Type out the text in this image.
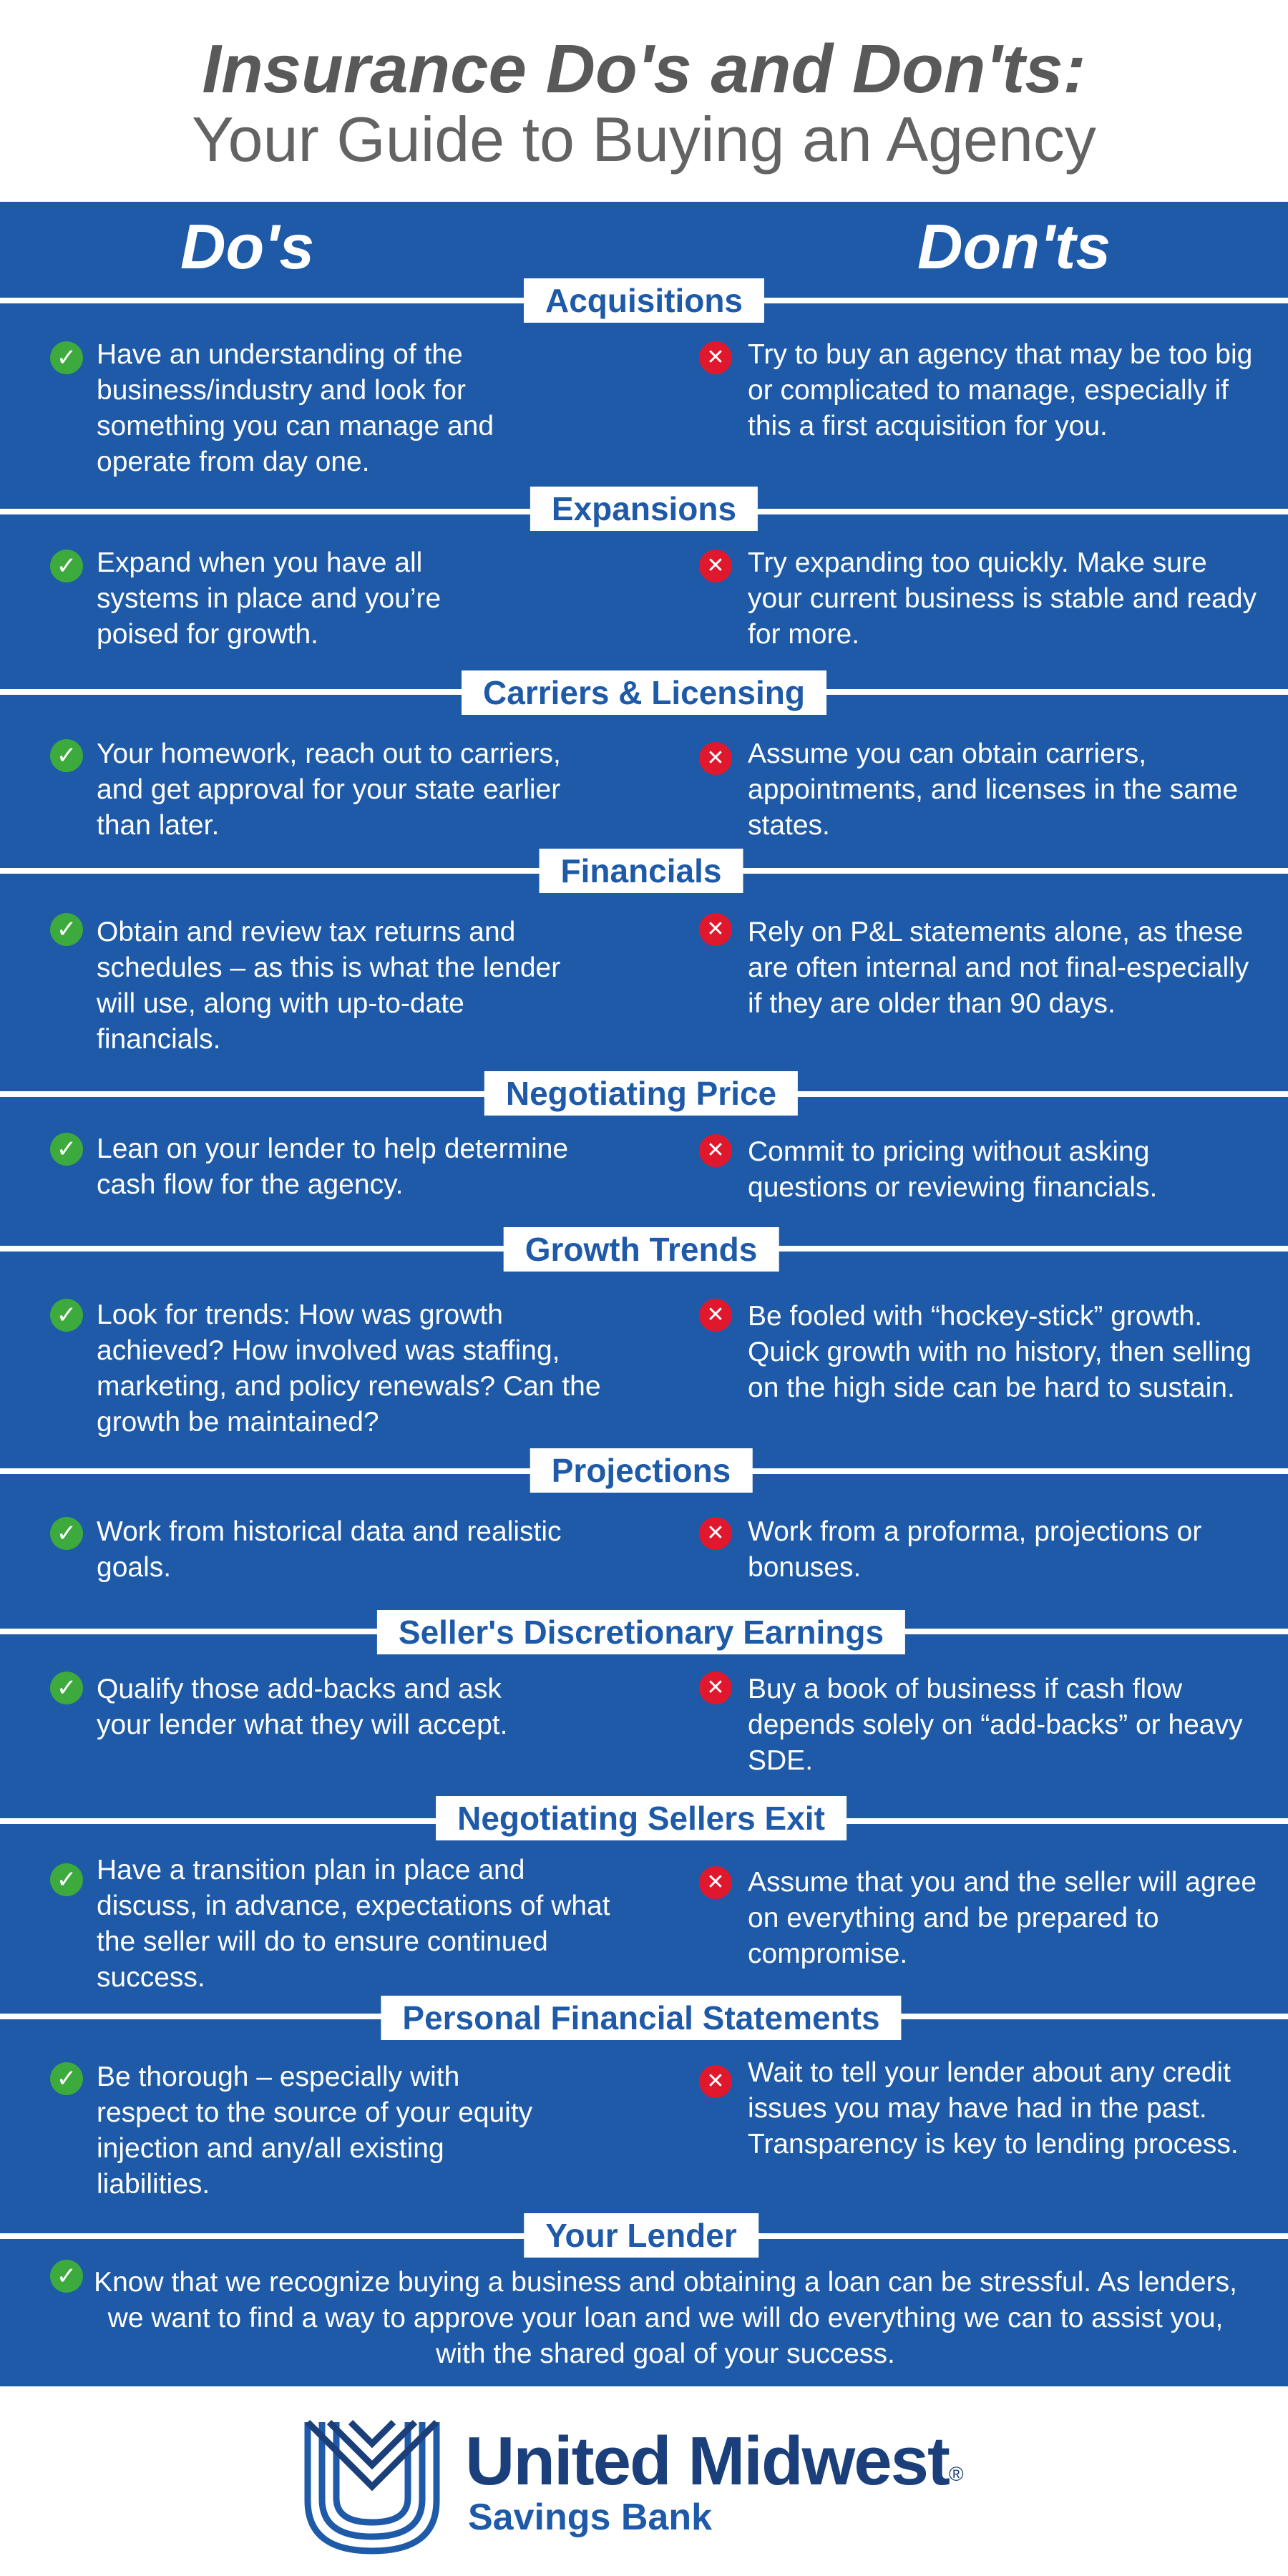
Insurance Do's and Don'ts:
Your Guide to Buying an Agency
Do's	Don'ts
Acquisitions
✓ Have an understanding of the business/industry and look for something you can manage and operate from day one.
✕ Try to buy an agency that may be too big or complicated to manage, especially if this a first acquisition for you.
Expansions
✓ Expand when you have all systems in place and you’re poised for growth.
✕ Try expanding too quickly. Make sure your current business is stable and ready for more.
Carriers & Licensing
✓ Your homework, reach out to carriers, and get approval for your state earlier than later.
✕ Assume you can obtain carriers, appointments, and licenses in the same states.
Financials
✓ Obtain and review tax returns and schedules – as this is what the lender will use, along with up-to-date financials.
✕ Rely on P&L statements alone, as these are often internal and not final-especially if they are older than 90 days.
Negotiating Price
✓ Lean on your lender to help determine cash flow for the agency.
✕ Commit to pricing without asking questions or reviewing financials.
Growth Trends
✓ Look for trends: How was growth achieved? How involved was staffing, marketing, and policy renewals? Can the growth be maintained?
✕ Be fooled with “hockey-stick” growth. Quick growth with no history, then selling on the high side can be hard to sustain.
Projections
✓ Work from historical data and realistic goals.
✕ Work from a proforma, projections or bonuses.
Seller's Discretionary Earnings
✓ Qualify those add-backs and ask your lender what they will accept.
✕ Buy a book of business if cash flow depends solely on “add-backs” or heavy SDE.
Negotiating Sellers Exit
✓ Have a transition plan in place and discuss, in advance, expectations of what the seller will do to ensure continued success.
✕ Assume that you and the seller will agree on everything and be prepared to compromise.
Personal Financial Statements
✓ Be thorough – especially with respect to the source of your equity injection and any/all existing liabilities.
✕ Wait to tell your lender about any credit issues you may have had in the past. Transparency is key to lending process.
Your Lender
✓ Know that we recognize buying a business and obtaining a loan can be stressful. As lenders, we want to find a way to approve your loan and we will do everything we can to assist you, with the shared goal of your success.
United Midwest®
Savings Bank
